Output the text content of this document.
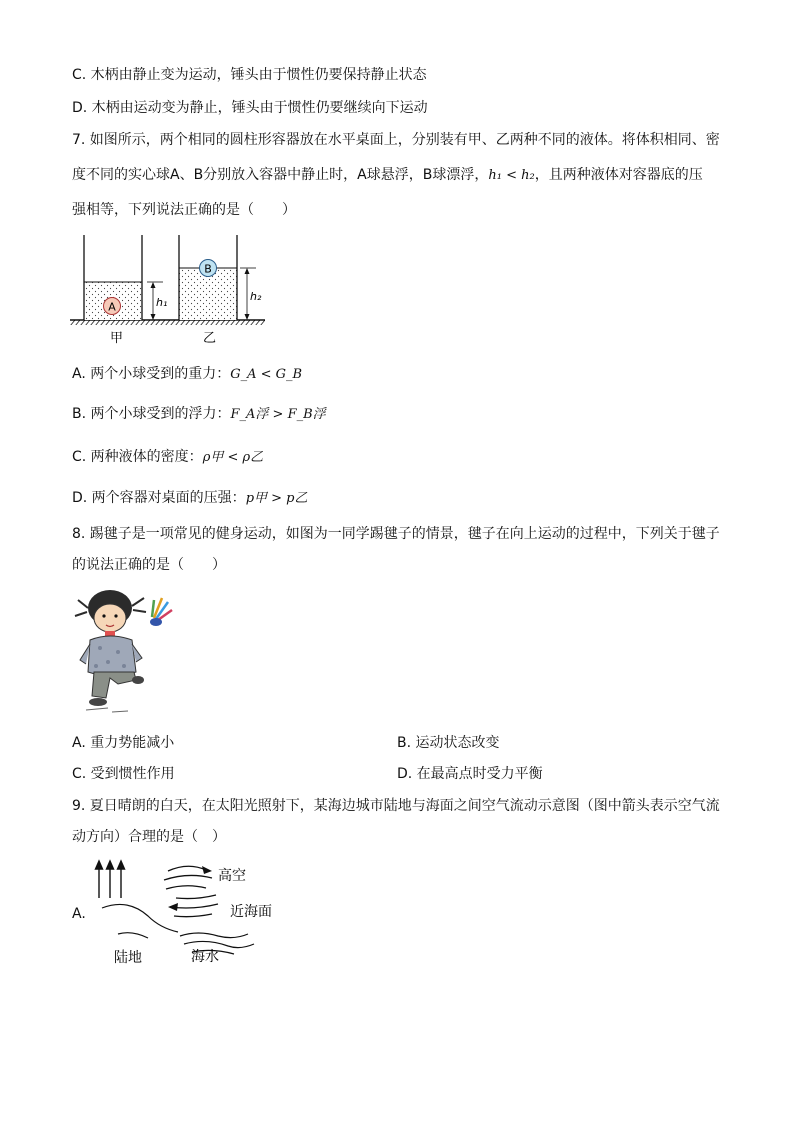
C. 木柄由静止变为运动，锤头由于惯性仍要保持静止状态
D. 木柄由运动变为静止，锤头由于惯性仍要继续向下运动
7. 如图所示，两个相同的圆柱形容器放在水平桌面上，分别装有甲、乙两种不同的液体。将体积相同、密
度不同的实心球A、B分别放入容器中静止时，A球悬浮，B球漂浮，h₁ < h₂，且两种液体对容器底的压
强相等，下列说法正确的是（　　）
A	h₁
B
h₂
甲	乙
A. 两个小球受到的重力：G_A < G_B
B. 两个小球受到的浮力：F_A浮 > F_B浮
C. 两种液体的密度：ρ甲 < ρ乙
D. 两个容器对桌面的压强：p甲 > p乙
8. 踢毽子是一项常见的健身运动，如图为一同学踢毽子的情景，毽子在向上运动的过程中，下列关于毽子
的说法正确的是（　　）
A. 重力势能减小	B. 运动状态改变
C. 受到惯性作用	D. 在最高点时受力平衡
9. 夏日晴朗的白天，在太阳光照射下，某海边城市陆地与海面之间空气流动示意图（图中箭头表示空气流
动方向）合理的是（　）
A.
高空
近海面
陆地	海水
